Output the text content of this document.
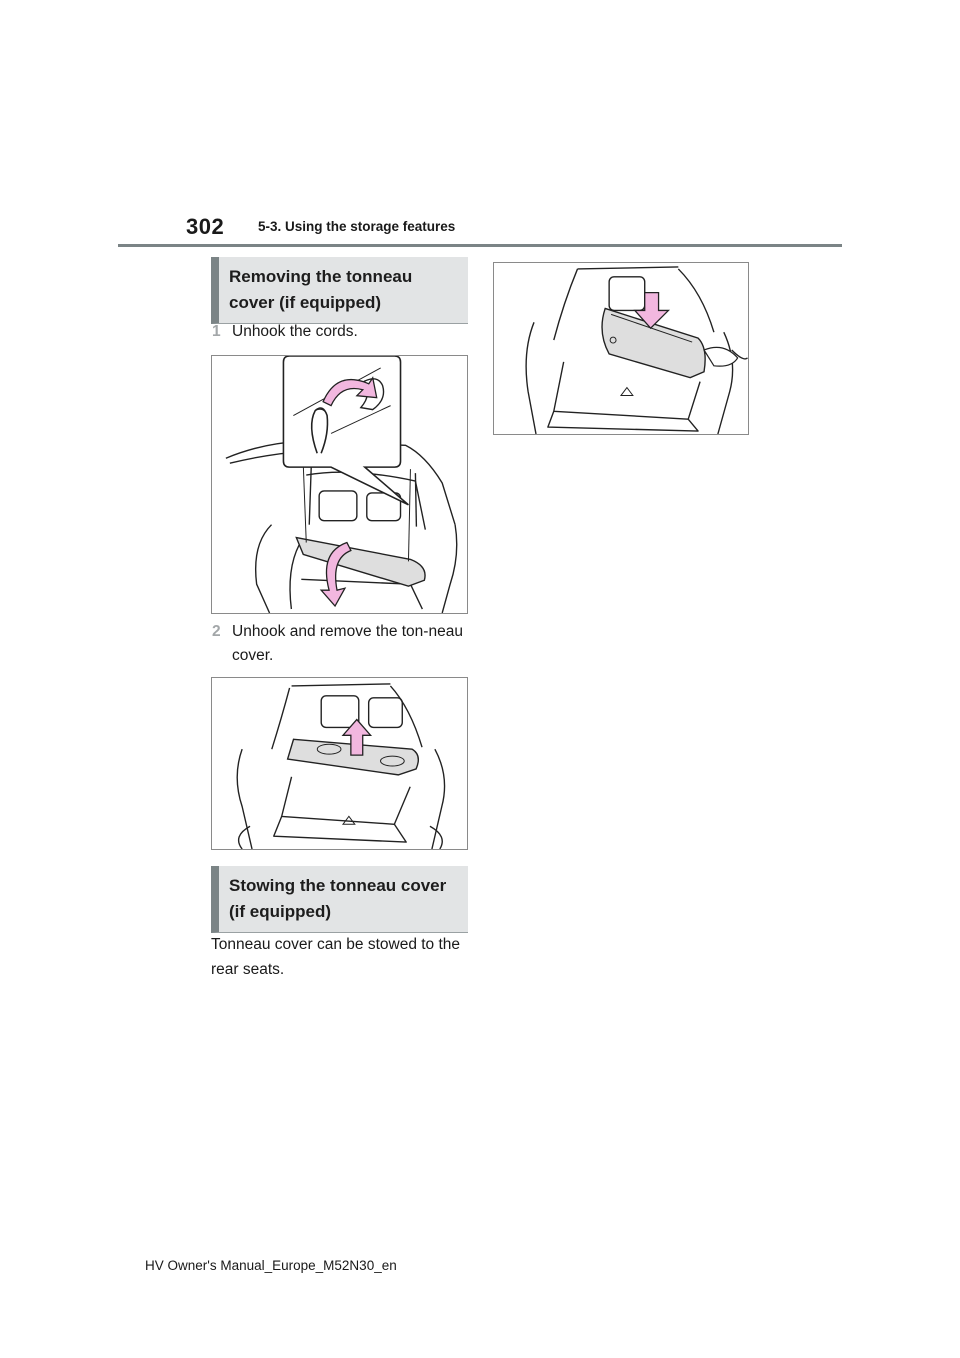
302	5-3. Using the storage features
Removing the tonneau cover (if equipped)
1 Unhook the cords.
2 Unhook and remove the ton-neau cover.
Stowing the tonneau cover (if equipped)
Tonneau cover can be stowed to the rear seats.
HV Owner's Manual_Europe_M52N30_en
